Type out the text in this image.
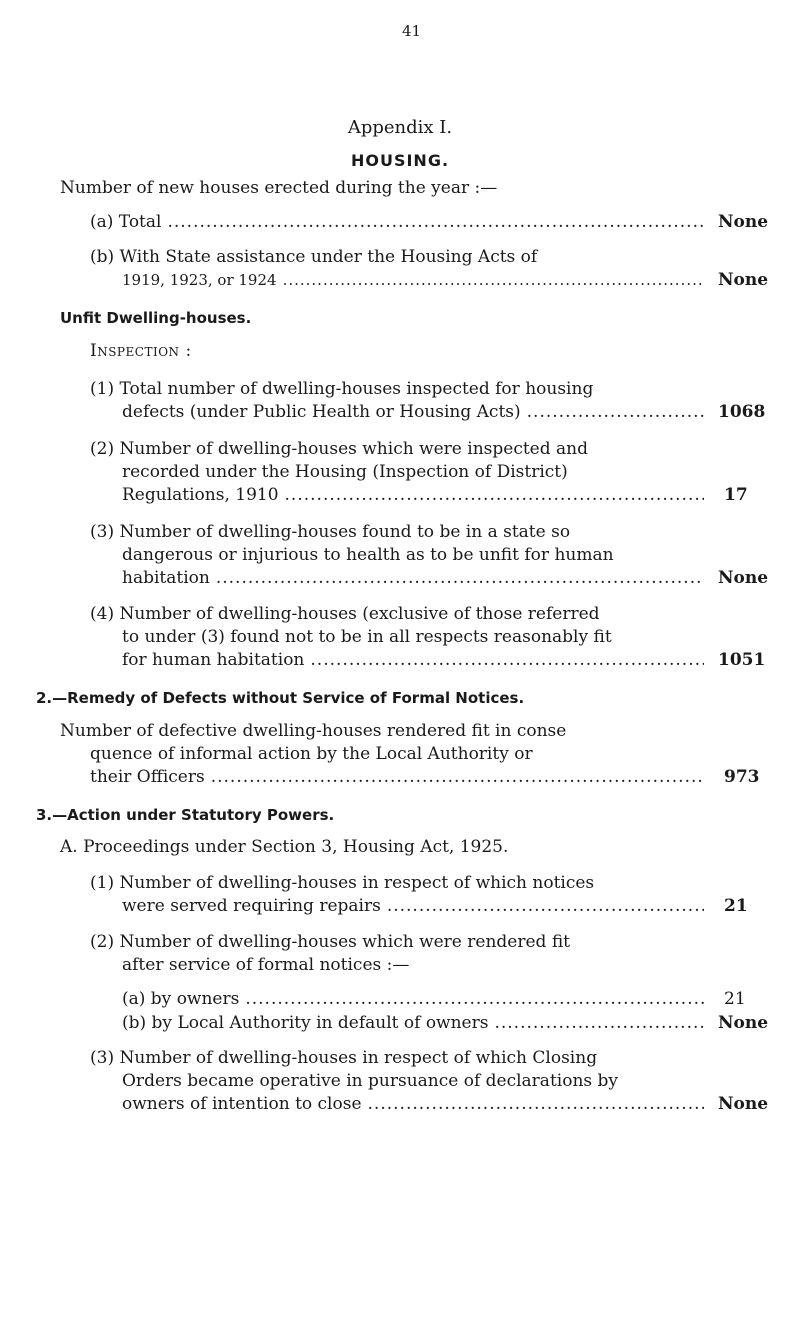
41
Appendix I.
HOUSING.
Number of new houses erected during the year :—
(a) Total .....	None
(b) With State assistance under the Housing Acts of
1919, 1923, or 1924 .....	None
Unfit Dwelling-houses.
Inspection :
(1) Total number of dwelling-houses inspected for housing
defects (under Public Health or Housing Acts) .....	1068
(2) Number of dwelling-houses which were inspected and
recorded under the Housing (Inspection of District)
Regulations, 1910 .....	17
(3) Number of dwelling-houses found to be in a state so
dangerous or injurious to health as to be unfit for human
habitation .....	None
(4) Number of dwelling-houses (exclusive of those referred
to under (3) found not to be in all respects reasonably fit
for human habitation .....	1051
2.—Remedy of Defects without Service of Formal Notices.
Number of defective dwelling-houses rendered fit in conse
quence of informal action by the Local Authority or
their Officers .....	973
3.—Action under Statutory Powers.
A. Proceedings under Section 3, Housing Act, 1925.
(1) Number of dwelling-houses in respect of which notices
were served requiring repairs .....	21
(2) Number of dwelling-houses which were rendered fit
after service of formal notices :—
(a) by owners .....	21
(b) by Local Authority in default of owners .....	None
(3) Number of dwelling-houses in respect of which Closing
Orders became operative in pursuance of declarations by
owners of intention to close .....	None
